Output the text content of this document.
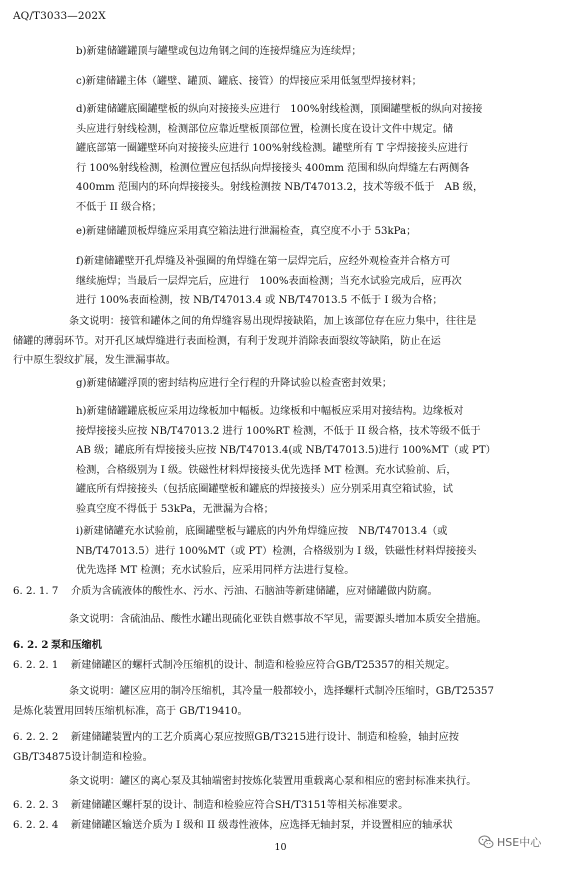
AQ/T3033—202X
b)新建储罐罐顶与罐壁或包边角钢之间的连接焊缝应为连续焊；
c)新建储罐主体（罐壁、罐顶、罐底、接管）的焊接应采用低氢型焊接材料；
d)新建储罐底圈罐壁板的纵向对接接头应进行　100%射线检测，顶圈罐壁板的纵向对接接
头应进行射线检测，检测部位应靠近壁板顶部位置，检测长度在设计文件中规定。储
罐底部第一圈罐壁环向对接接头应进行 100%射线检测。罐壁所有 T 字焊接接头应进行
行 100%射线检测，检测位置应包括纵向焊接接头 400mm 范围和纵向焊缝左右两侧各
400mm 范围内的环向焊接接头。射线检测按 NB/T47013.2，技术等级不低于　AB 级，
不低于 II 级合格；
e)新建储罐顶板焊缝应采用真空箱法进行泄漏检查，真空度不小于 53kPa；
f)新建储罐壁开孔焊缝及补强圈的角焊缝在第一层焊完后，应经外观检查并合格方可
继续施焊；当最后一层焊完后，应进行　100%表面检测；当充水试验完成后，应再次
进行 100%表面检测，按 NB/T47013.4 或 NB/T47013.5 不低于 I 级为合格；
条文说明：接管和罐体之间的角焊缝容易出现焊接缺陷，加上该部位存在应力集中，往往是
储罐的薄弱环节。对开孔区域焊缝进行表面检测，有利于发现并消除表面裂纹等缺陷，防止在运
行中原生裂纹扩展，发生泄漏事故。
g)新建储罐浮顶的密封结构应进行全行程的升降试验以检查密封效果；
h)新建储罐罐底板应采用边缘板加中幅板。边缘板和中幅板应采用对接结构。边缘板对
接焊接接头应按 NB/T47013.2 进行 100%RT 检测，不低于 II 级合格，技术等级不低于
AB 级；罐底所有焊接接头应按 NB/T47013.4(或 NB/T47013.5)进行 100%MT（或 PT）
检测，合格级别为 I 级。铁磁性材料焊接接头优先选择 MT 检测。充水试验前、后，
罐底所有焊接接头（包括底圈罐壁板和罐底的焊接接头）应分别采用真空箱试验，试
验真空度不得低于 53kPa，无泄漏为合格；
i)新建储罐充水试验前，底圈罐壁板与罐底的内外角焊缝应按　NB/T47013.4（或
NB/T47013.5）进行 100%MT（或 PT）检测，合格级别为 I 级，铁磁性材料焊接接头
优先选择 MT 检测；充水试验后，应采用同样方法进行复检。
6. 2. 1. 7 介质为含硫液体的酸性水、污水、污油、石脑油等新建储罐，应对储罐做内防腐。
条文说明：含硫油品、酸性水罐出现硫化亚铁自燃事故不罕见，需要源头增加本质安全措施。
6. 2. 2 泵和压缩机
6. 2. 2. 1 新建储罐区的螺杆式制冷压缩机的设计、制造和检验应符合GB/T25357的相关规定。
条文说明：罐区应用的制冷压缩机，其冷量一般都较小，选择螺杆式制冷压缩时，GB/T25357
是炼化装置用回转压缩机标准，高于 GB/T19410。
6. 2. 2. 2 新建储罐装置内的工艺介质离心泵应按照GB/T3215进行设计、制造和检验，轴封应按
GB/T34875设计制造和检验。
条文说明：罐区的离心泵及其轴端密封按炼化装置用重载离心泵和相应的密封标准来执行。
6. 2. 2. 3 新建储罐区螺杆泵的设计、制造和检验应符合SH/T3151等相关标准要求。
6. 2. 2. 4 新建储罐区输送介质为 I 级和 II 级毒性液体，应选择无轴封泵，并设置相应的轴承状
10	HSE中心
